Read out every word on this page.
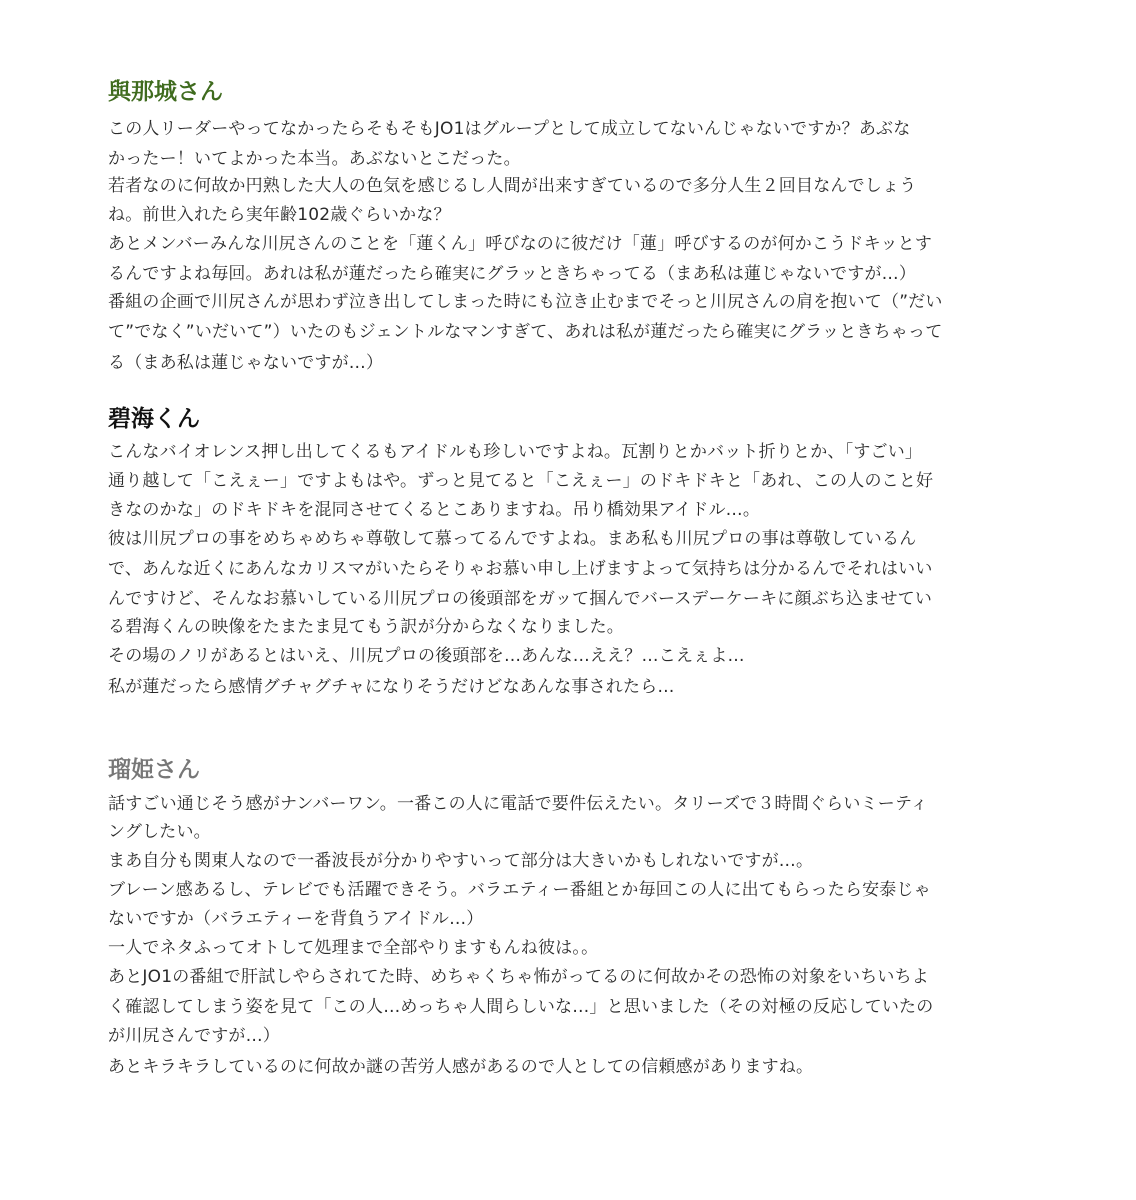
與那城さん
この人リーダーやってなかったらそもそもJO1はグループとして成立してないんじゃないですか？あぶな
かったー！いてよかった本当。あぶないとこだった。
若者なのに何故か円熟した大人の色気を感じるし人間が出来すぎているので多分人生２回目なんでしょう
ね。前世入れたら実年齢102歳ぐらいかな？
あとメンバーみんな川尻さんのことを「蓮くん」呼びなのに彼だけ「蓮」呼びするのが何かこうドキッとす
るんですよね毎回。あれは私が蓮だったら確実にグラッときちゃってる（まあ私は蓮じゃないですが…）
番組の企画で川尻さんが思わず泣き出してしまった時にも泣き止むまでそっと川尻さんの肩を抱いて（”だい
て”でなく”いだいて”）いたのもジェントルなマンすぎて、あれは私が蓮だったら確実にグラッときちゃって
る（まあ私は蓮じゃないですが…）
碧海くん
こんなバイオレンス押し出してくるもアイドルも珍しいですよね。瓦割りとかバット折りとか、「すごい」
通り越して「こえぇー」ですよもはや。ずっと見てると「こえぇー」のドキドキと「あれ、この人のこと好
きなのかな」のドキドキを混同させてくるとこありますね。吊り橋効果アイドル…。
彼は川尻プロの事をめちゃめちゃ尊敬して慕ってるんですよね。まあ私も川尻プロの事は尊敬しているん
で、あんな近くにあんなカリスマがいたらそりゃお慕い申し上げますよって気持ちは分かるんでそれはいい
んですけど、そんなお慕いしている川尻プロの後頭部をガッて掴んでバースデーケーキに顔ぶち込ませてい
る碧海くんの映像をたまたま見てもう訳が分からなくなりました。
その場のノリがあるとはいえ、川尻プロの後頭部を…あんな…ええ？…こえぇよ…
私が蓮だったら感情グチャグチャになりそうだけどなあんな事されたら…
瑠姫さん
話すごい通じそう感がナンバーワン。一番この人に電話で要件伝えたい。タリーズで３時間ぐらいミーティ
ングしたい。
まあ自分も関東人なので一番波長が分かりやすいって部分は大きいかもしれないですが…。
ブレーン感あるし、テレビでも活躍できそう。バラエティー番組とか毎回この人に出てもらったら安泰じゃ
ないですか（バラエティーを背負うアイドル…）
一人でネタふってオトして処理まで全部やりますもんね彼は。。
あとJO1の番組で肝試しやらされてた時、めちゃくちゃ怖がってるのに何故かその恐怖の対象をいちいちよ
く確認してしまう姿を見て「この人…めっちゃ人間らしいな…」と思いました（その対極の反応していたの
が川尻さんですが…）
あとキラキラしているのに何故か謎の苦労人感があるので人としての信頼感がありますね。
